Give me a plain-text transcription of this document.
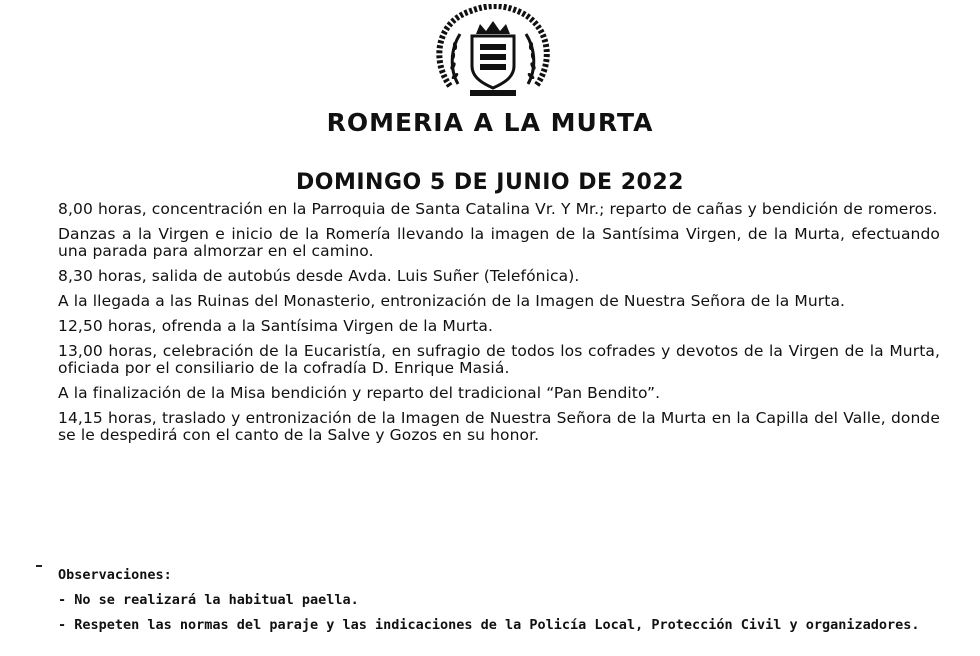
ROMERIA A LA MURTA
DOMINGO 5 DE JUNIO DE 2022
8,00 horas, concentración en la Parroquia de Santa Catalina Vr. Y Mr.; reparto de cañas y bendición de romeros.
Danzas a la Virgen e inicio de la Romería llevando la imagen de la Santísima Virgen, de la Murta, efectuando una parada para almorzar en el camino.
8,30 horas, salida de autobús desde Avda. Luis Suñer (Telefónica).
A la llegada a las Ruinas del Monasterio, entronización de la Imagen de Nuestra Señora de la Murta.
12,50 horas, ofrenda a la Santísima Virgen de la Murta.
13,00 horas, celebración de la Eucaristía, en sufragio de todos los cofrades y devotos de la Virgen de la Murta, oficiada por el consiliario de la cofradía D. Enrique Masiá.
A la finalización de la Misa bendición y reparto del tradicional “Pan Bendito”.
14,15 horas, traslado y entronización de la Imagen de Nuestra Señora de la Murta en la Capilla del Valle, donde se le despedirá con el canto de la Salve y Gozos en su honor.
Observaciones:
- No se realizará la habitual paella.
- Respeten las normas del paraje y las indicaciones de la Policía Local, Protección Civil y organizadores.
